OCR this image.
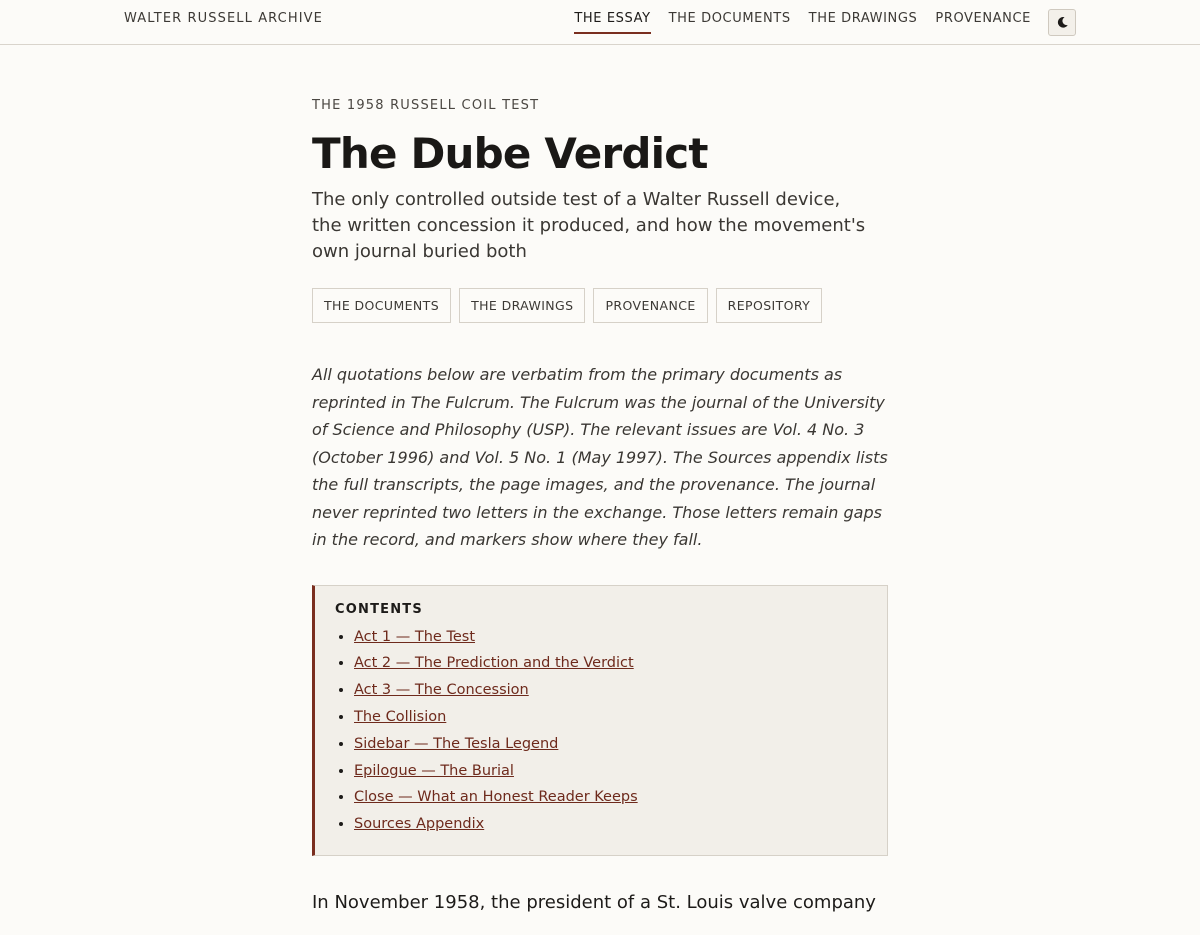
WALTER RUSSELL ARCHIVE	THE ESSAY THE DOCUMENTS THE DRAWINGS PROVENANCE
THE 1958 RUSSELL COIL TEST
The Dube Verdict
The only controlled outside test of a Walter Russell device, the written concession it produced, and how the movement's own journal buried both
THE DOCUMENTS	THE DRAWINGS	PROVENANCE	REPOSITORY

All quotations below are verbatim from the primary documents as reprinted in The Fulcrum. The Fulcrum was the journal of the University of Science and Philosophy (USP). The relevant issues are Vol. 4 No. 3 (October 1996) and Vol. 5 No. 1 (May 1997). The Sources appendix lists the full transcripts, the page images, and the provenance. The journal never reprinted two letters in the exchange. Those letters remain gaps in the record, and markers show where they fall.

CONTENTS
• Act 1 — The Test
• Act 2 — The Prediction and the Verdict
• Act 3 — The Concession
• The Collision
• Sidebar — The Tesla Legend
• Epilogue — The Burial
• Close — What an Honest Reader Keeps
• Sources Appendix

In November 1958, the president of a St. Louis valve company
